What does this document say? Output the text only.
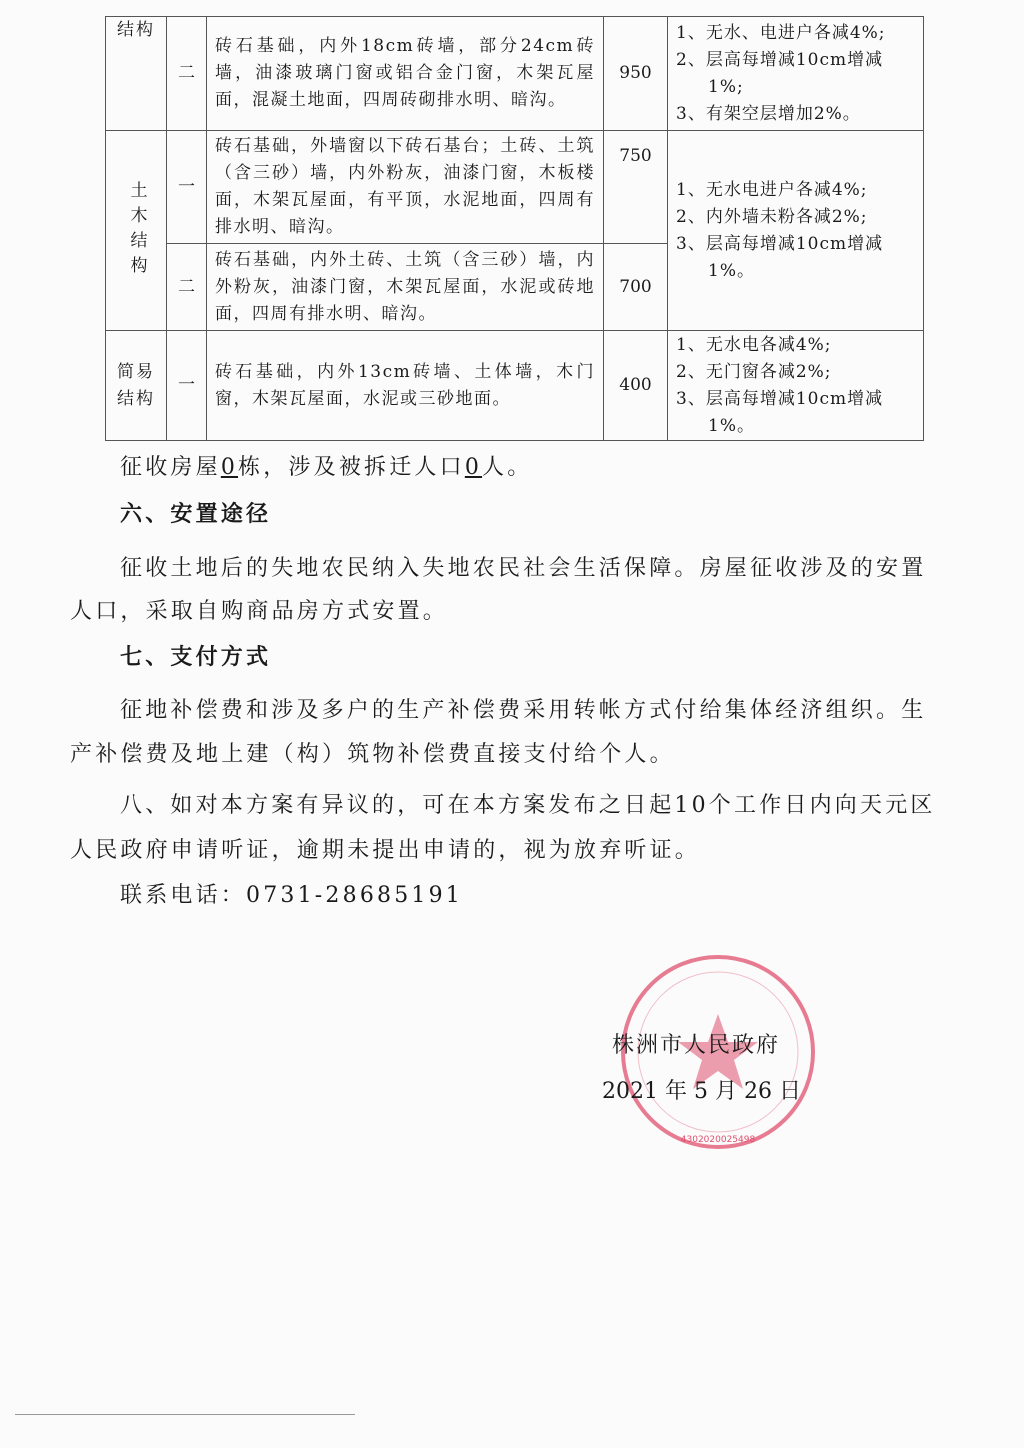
结构	二	砖石基础，内外18cm砖墙，部分24cm砖墙，油漆玻璃门窗或铝合金门窗，木架瓦屋面，混凝土地面，四周砖砌排水明、暗沟。	950	1、无水、电进户各减4%;
2、层高每增减10cm增减
1%;
3、有架空层增加2%。

土木结构	一	砖石基础，外墙窗以下砖石基台；土砖、土筑（含三砂）墙，内外粉灰，油漆门窗，木板楼面，木架瓦屋面，有平顶，水泥地面，四周有排水明、暗沟。	750	1、无水电进户各减4%;
2、内外墙未粉各减2%;
3、层高每增减10cm增减
1%。

	二	砖石基础，内外土砖、土筑（含三砂）墙，内外粉灰，油漆门窗，木架瓦屋面，水泥或砖地面，四周有排水明、暗沟。	700	
简易结构	一	砖石基础，内外13cm砖墙、土体墙，木门窗，木架瓦屋面，水泥或三砂地面。	400	1、无水电各减4%;
2、无门窗各减2%;
3、层高每增减10cm增减
1%。
征收房屋0栋，涉及被拆迁人口0人。
六、安置途径
征收土地后的失地农民纳入失地农民社会生活保障。房屋征收涉及的安置
人口，采取自购商品房方式安置。
七、支付方式
征地补偿费和涉及多户的生产补偿费采用转帐方式付给集体经济组织。生
产补偿费及地上建（构）筑物补偿费直接支付给个人。
八、如对本方案有异议的，可在本方案发布之日起10个工作日内向天元区
人民政府申请听证，逾期未提出申请的，视为放弃听证。
联系电话：0731-28685191
4302020025498
株洲市人民政府
2021 年 5 月 26 日
